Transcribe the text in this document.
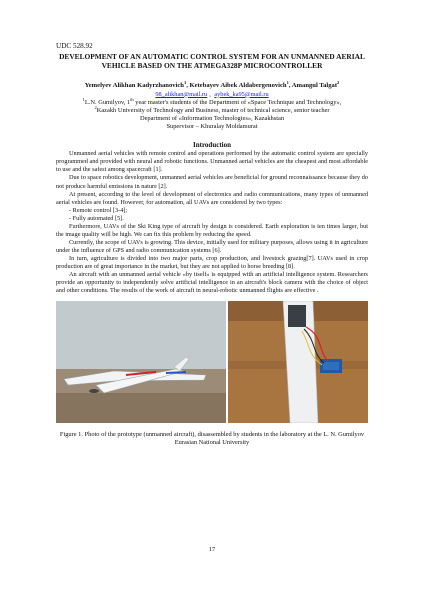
UDC 528.92
DEVELOPMENT OF AN AUTOMATIC CONTROL SYSTEM FOR AN UNMANNED AERIAL VEHICLE BASED ON THE ATMEGA328P MICROCONTROLLER
Yemelyev Alikhan Kadyrzhanovich$^1$, Ketebayev Aibek Aldabergenovich$^1$, Amangul Talgat$^2$
98_alikhan@mail.ru , aybek_ka95@mail.ru
$^1$L.N. Gumilyov, 1th year master's students of the Department of «Space Technique and Technology»,
$^2$Kazakh University of Technology and Business, master of technical science, senior teacher
Department of «Information Technologies», Kazakhstan
Supervisor – Khuralay Moldamurat
Introduction

Unmanned aerial vehicles with remote control and operations performed by the automatic control system are specially programmed and provided with neural and robotic functions. Unmanned aerial vehicles are the cheapest and most affordable to use and the safest among spacecraft [1].

Due to space robotics development, unmanned aerial vehicles are beneficial for ground reconnaissance because they do not produce harmful emissions in nature [2].

At present, according to the level of development of electronics and radio communications, many types of unmanned aerial vehicles are found. However, for automation, all UAVs are considered by two types:

- Remote control [3-4];

- Fully automated [5].

Furthermore, UAVs of the Ski King type of aircraft by design is considered. Earth exploration is ten times larger, but the image quality will be high. We can fix this problem by reducing the speed.

Currently, the scope of UAVs is growing. This device, initially used for military purposes, allows using it in agriculture under the influence of GPS and radio communication systems [6].

In turn, agriculture is divided into two major parts, crop production, and livestock grazing[7]. UAVs used in crop production are of great importance in the market, but they are not applied to horse breeding [8].

An aircraft with an unmanned aerial vehicle «by itself» is equipped with an artificial intelligence system. Researchers provide an opportunity to independently solve artificial intelligence in an aircraft's block camera with the choice of object and other conditions. The results of the work of aircraft in neural-robotic unmanned flights are effective .

Figure 1. Photo of the prototype (unmanned aircraft), disassembled by students in the laboratory at the L. N. Gumilyov Eurasian National University
17
